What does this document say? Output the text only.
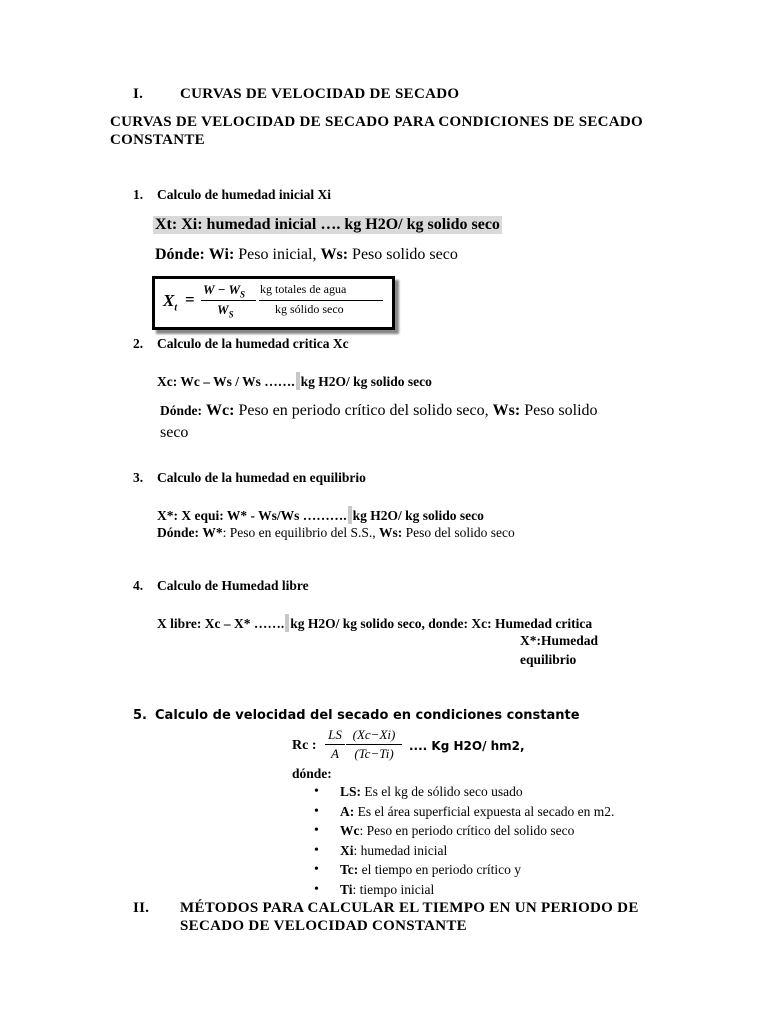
I. CURVAS DE VELOCIDAD DE SECADO
CURVAS DE VELOCIDAD DE SECADO PARA CONDICIONES DE SECADO
CONSTANTE
1. Calculo de humedad inicial Xi
Xt: Xi: humedad inicial …. kg H2O/ kg solido seco
Dónde: Wi: Peso inicial, Ws: Peso solido seco
$X_t$ =
$W - W_S$
$W_S$
kg totales de agua
kg sólido seco
2. Calculo de la humedad critica Xc
Xc: Wc – Ws / Ws ……. kg H2O/ kg solido seco
Dónde: Wc: Peso en periodo crítico del solido seco, Ws: Peso solido
seco
3. Calculo de la humedad en equilibrio
X*: X equi: W* - Ws/Ws ………. kg H2O/ kg solido seco
Dónde: W*: Peso en equilibrio del S.S., Ws: Peso del solido seco
4. Calculo de Humedad libre
X libre: Xc – X* ……. kg H2O/ kg solido seco, donde: Xc: Humedad critica
X*:Humedad
equilibrio
5. Calculo de velocidad del secado en condiciones constante
Rc :
LS
A
(Xc−Xi)
(Tc−Ti)	.... Kg H2O/ hm2,
dónde:
• LS: Es el kg de sólido seco usado
• A: Es el área superficial expuesta al secado en m2.
• Wc: Peso en periodo crítico del solido seco
• Xi: humedad inicial
• Tc: el tiempo en periodo crítico y
• Ti: tiempo inicial
II. MÉTODOS PARA CALCULAR EL TIEMPO EN UN PERIODO DE
SECADO DE VELOCIDAD CONSTANTE
